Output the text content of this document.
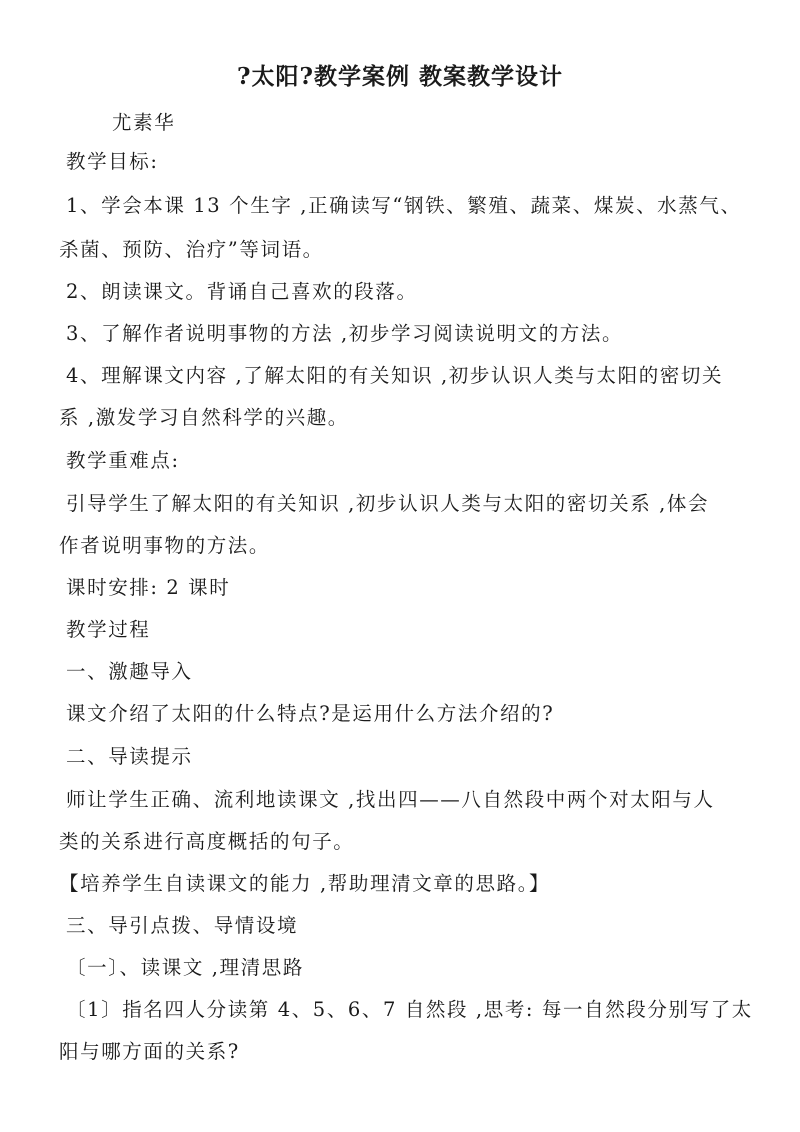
?太阳?教学案例 教案教学设计

尤素华

教学目标:

1、学会本课 13 个生字 ,正确读写“钢铁、繁殖、蔬菜、煤炭、水蒸气、

杀菌、预防、治疗”等词语。

2、朗读课文。背诵自己喜欢的段落。

3、了解作者说明事物的方法 ,初步学习阅读说明文的方法。

4、理解课文内容 ,了解太阳的有关知识 ,初步认识人类与太阳的密切关

系 ,激发学习自然科学的兴趣。

教学重难点:

引导学生了解太阳的有关知识 ,初步认识人类与太阳的密切关系 ,体会

作者说明事物的方法。

课时安排: 2 课时

教学过程

一、激趣导入

课文介绍了太阳的什么特点?是运用什么方法介绍的?

二、导读提示

师让学生正确、流利地读课文 ,找出四——八自然段中两个对太阳与人

类的关系进行高度概括的句子。

【培养学生自读课文的能力 ,帮助理清文章的思路。】

三、导引点拨、导情设境

〔一〕、读课文 ,理清思路

〔1〕指名四人分读第 4、5、6、7 自然段 ,思考: 每一自然段分别写了太

阳与哪方面的关系?
